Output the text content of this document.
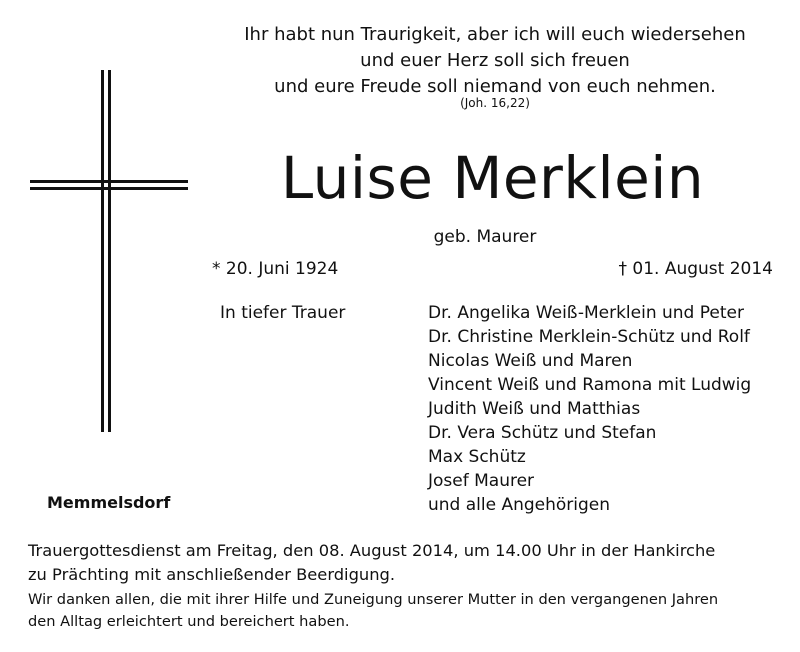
Ihr habt nun Traurigkeit, aber ich will euch wiedersehen
und euer Herz soll sich freuen
und eure Freude soll niemand von euch nehmen.
(Joh. 16,22)
Luise Merklein
geb. Maurer
* 20. Juni 1924	† 01. August 2014
In tiefer Trauer	Dr. Angelika Weiß-Merklein und Peter
Dr. Christine Merklein-Schütz und Rolf
Nicolas Weiß und Maren
Vincent Weiß und Ramona mit Ludwig
Judith Weiß und Matthias
Dr. Vera Schütz und Stefan
Max Schütz
Josef Maurer
und alle Angehörigen
Memmelsdorf
Trauergottesdienst am Freitag, den 08. August 2014, um 14.00 Uhr in der Hankirche
zu Prächting mit anschließender Beerdigung.
Wir danken allen, die mit ihrer Hilfe und Zuneigung unserer Mutter in den vergangenen Jahren
den Alltag erleichtert und bereichert haben.
